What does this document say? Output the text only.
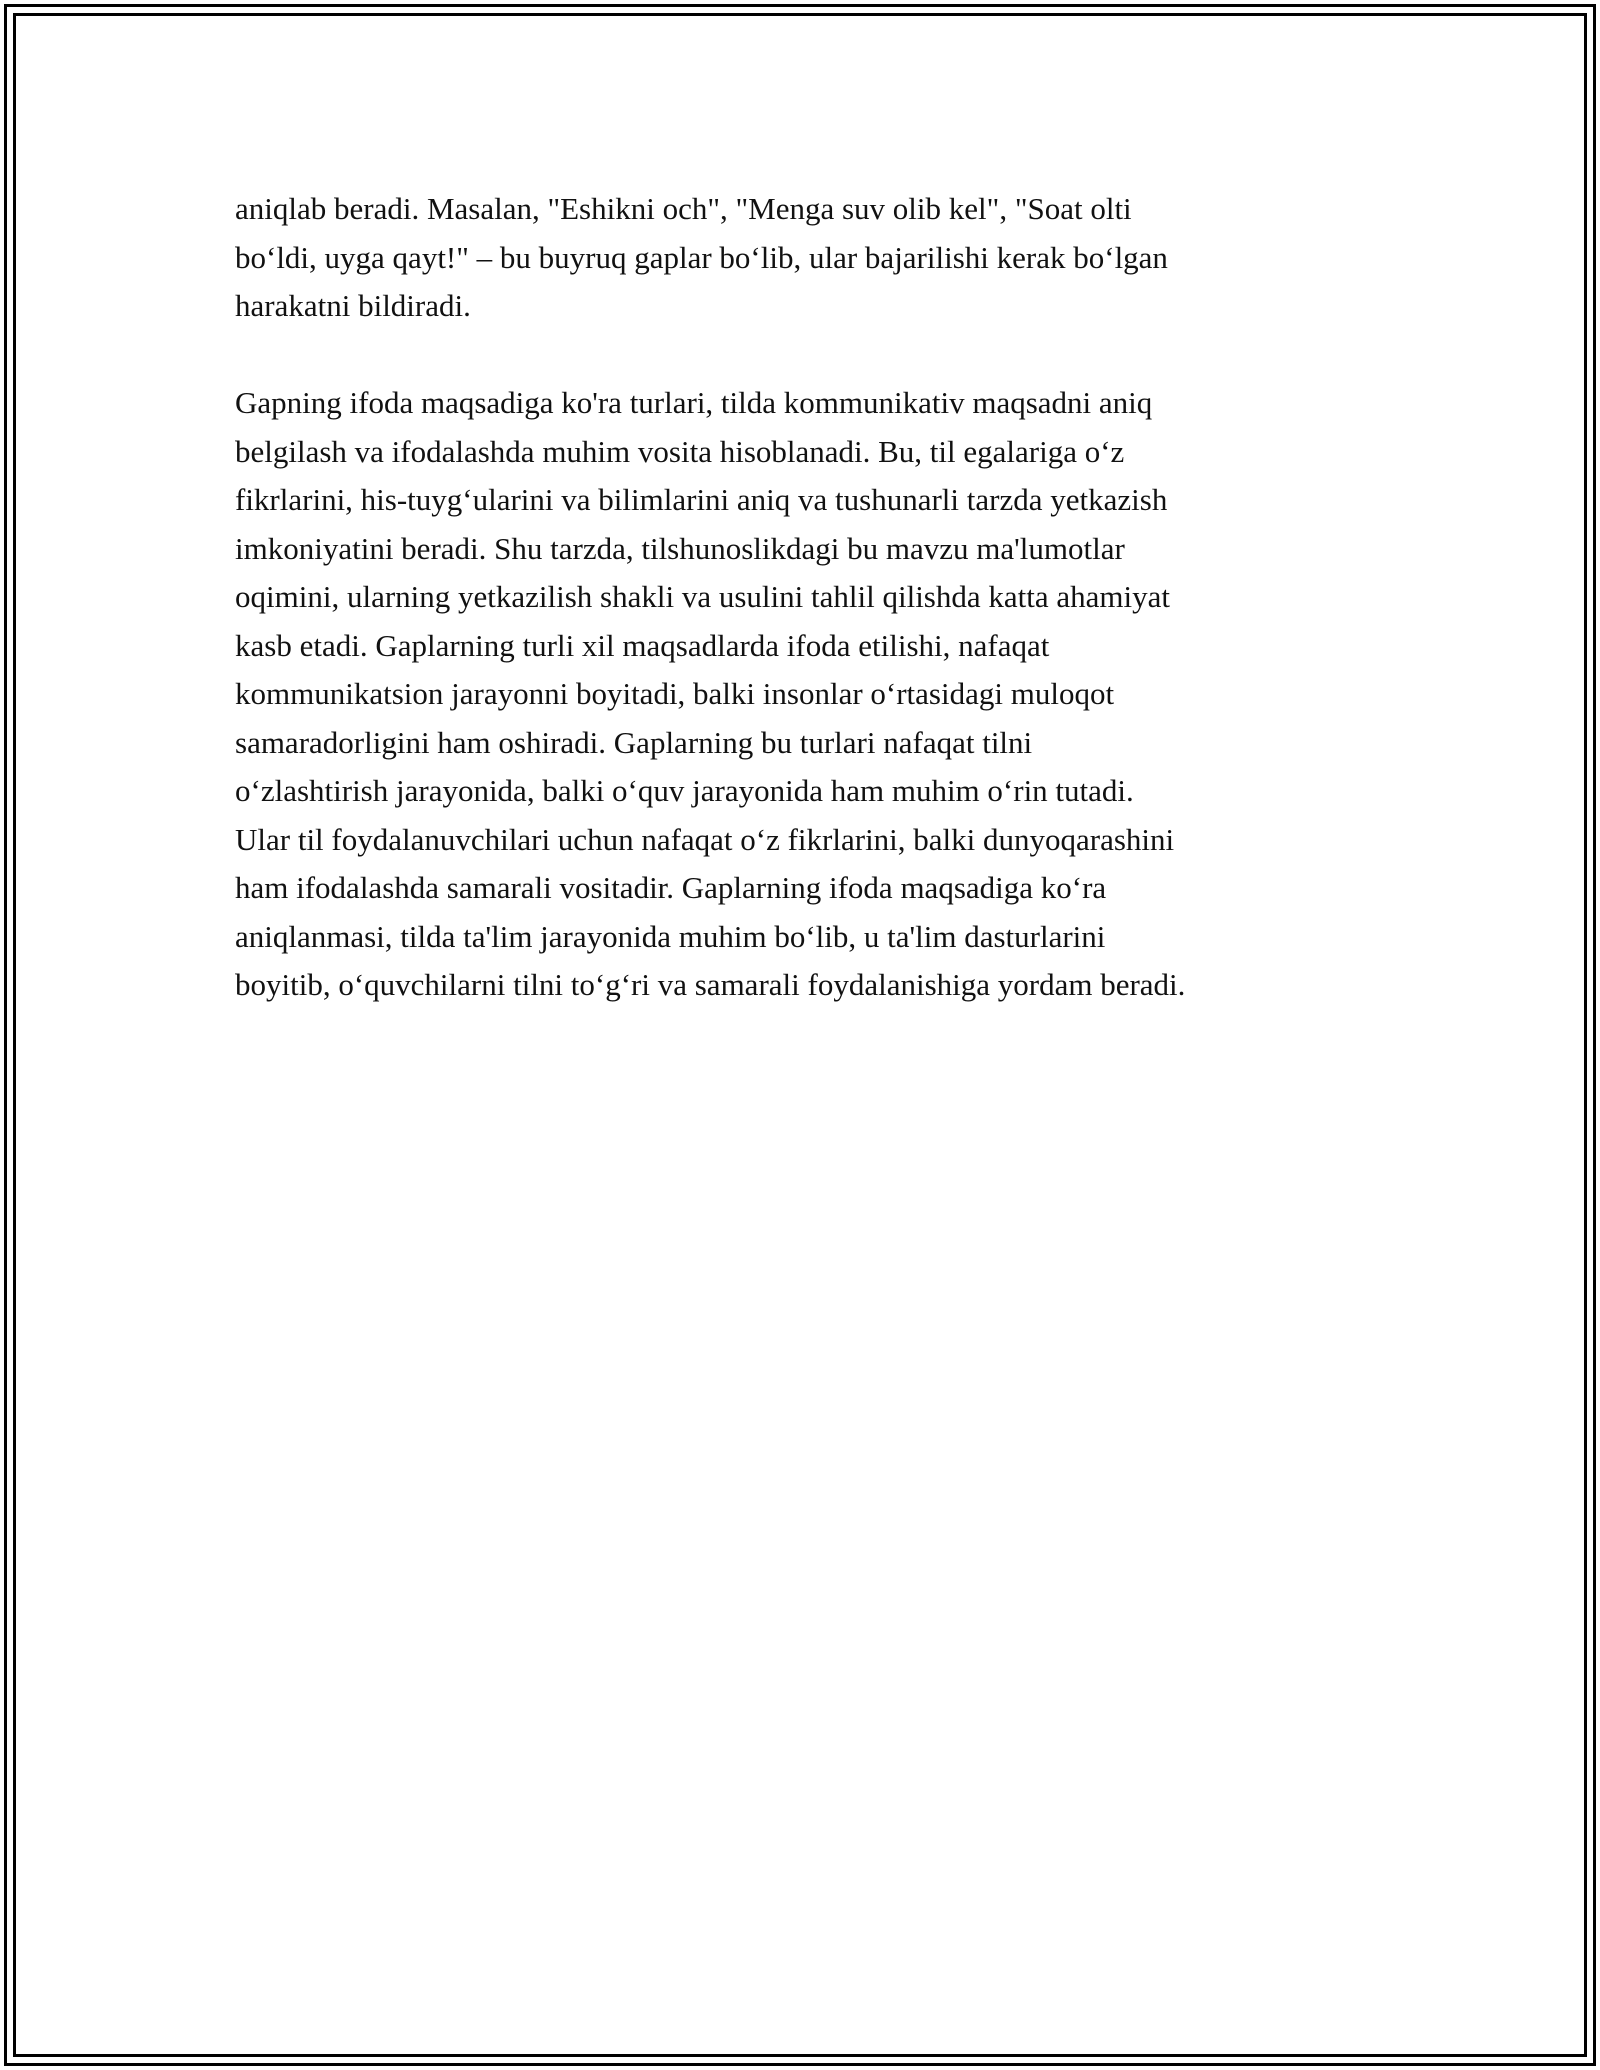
aniqlab beradi. Masalan, "Eshikni och", "Menga suv olib kel", "Soat olti
bo‘ldi, uyga qayt!" – bu buyruq gaplar bo‘lib, ular bajarilishi kerak bo‘lgan
harakatni bildiradi.
Gapning ifoda maqsadiga ko'ra turlari, tilda kommunikativ maqsadni aniq
belgilash va ifodalashda muhim vosita hisoblanadi. Bu, til egalariga o‘z
fikrlarini, his-tuyg‘ularini va bilimlarini aniq va tushunarli tarzda yetkazish
imkoniyatini beradi. Shu tarzda, tilshunoslikdagi bu mavzu ma'lumotlar
oqimini, ularning yetkazilish shakli va usulini tahlil qilishda katta ahamiyat
kasb etadi. Gaplarning turli xil maqsadlarda ifoda etilishi, nafaqat
kommunikatsion jarayonni boyitadi, balki insonlar o‘rtasidagi muloqot
samaradorligini ham oshiradi. Gaplarning bu turlari nafaqat tilni
o‘zlashtirish jarayonida, balki o‘quv jarayonida ham muhim o‘rin tutadi.
Ular til foydalanuvchilari uchun nafaqat o‘z fikrlarini, balki dunyoqarashini
ham ifodalashda samarali vositadir. Gaplarning ifoda maqsadiga ko‘ra
aniqlanmasi, tilda ta'lim jarayonida muhim bo‘lib, u ta'lim dasturlarini
boyitib, o‘quvchilarni tilni to‘g‘ri va samarali foydalanishiga yordam beradi.
